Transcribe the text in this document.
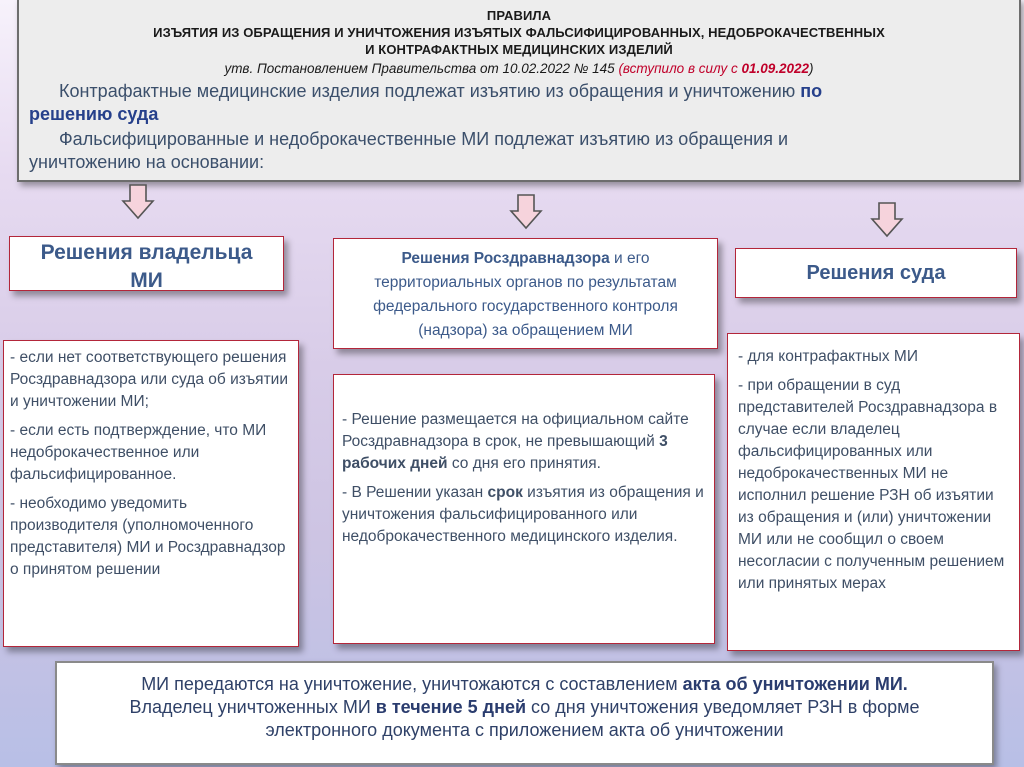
ПРАВИЛА
ИЗЪЯТИЯ ИЗ ОБРАЩЕНИЯ И УНИЧТОЖЕНИЯ ИЗЪЯТЫХ ФАЛЬСИФИЦИРОВАННЫХ, НЕДОБРОКАЧЕСТВЕННЫХ
И КОНТРАФАКТНЫХ МЕДИЦИНСКИХ ИЗДЕЛИЙ
утв. Постановлением Правительства от 10.02.2022 № 145 (вступило в силу с 01.09.2022)
Контрафактные медицинские изделия подлежат изъятию из обращения и уничтожению по
решению суда
Фальсифицированные и недоброкачественные МИ подлежат изъятию из обращения и
уничтожению на основании:
Решения владельца
МИ
Решения Росздравнадзора и его территориальных органов по результатам федерального государственного контроля (надзора) за обращением МИ
Решения суда

- если нет соответствующего решения Росздравнадзора или суда об изъятии и уничтожении МИ;

- если есть подтверждение, что МИ недоброкачественное или фальсифицированное.

- необходимо уведомить производителя (уполномоченного представителя) МИ и Росздравнадзор о принятом решении

- Решение размещается на официальном сайте Росздравнадзора в срок, не превышающий 3 рабочих дней со дня его принятия.

- В Решении указан срок изъятия из обращения и уничтожения фальсифицированного или недоброкачественного медицинского изделия.

- для контрафактных МИ

- при обращении в суд представителей Росздравнадзора в случае если владелец фальсифицированных или недоброкачественных МИ не исполнил решение РЗН об изъятии из обращения и (или) уничтожении МИ или не сообщил о своем несогласии с полученным решением или принятых мерах

МИ передаются на уничтожение, уничтожаются с составлением акта об уничтожении МИ.
Владелец уничтоженных МИ в течение 5 дней со дня уничтожения уведомляет РЗН в форме
электронного документа с приложением акта об уничтожении
